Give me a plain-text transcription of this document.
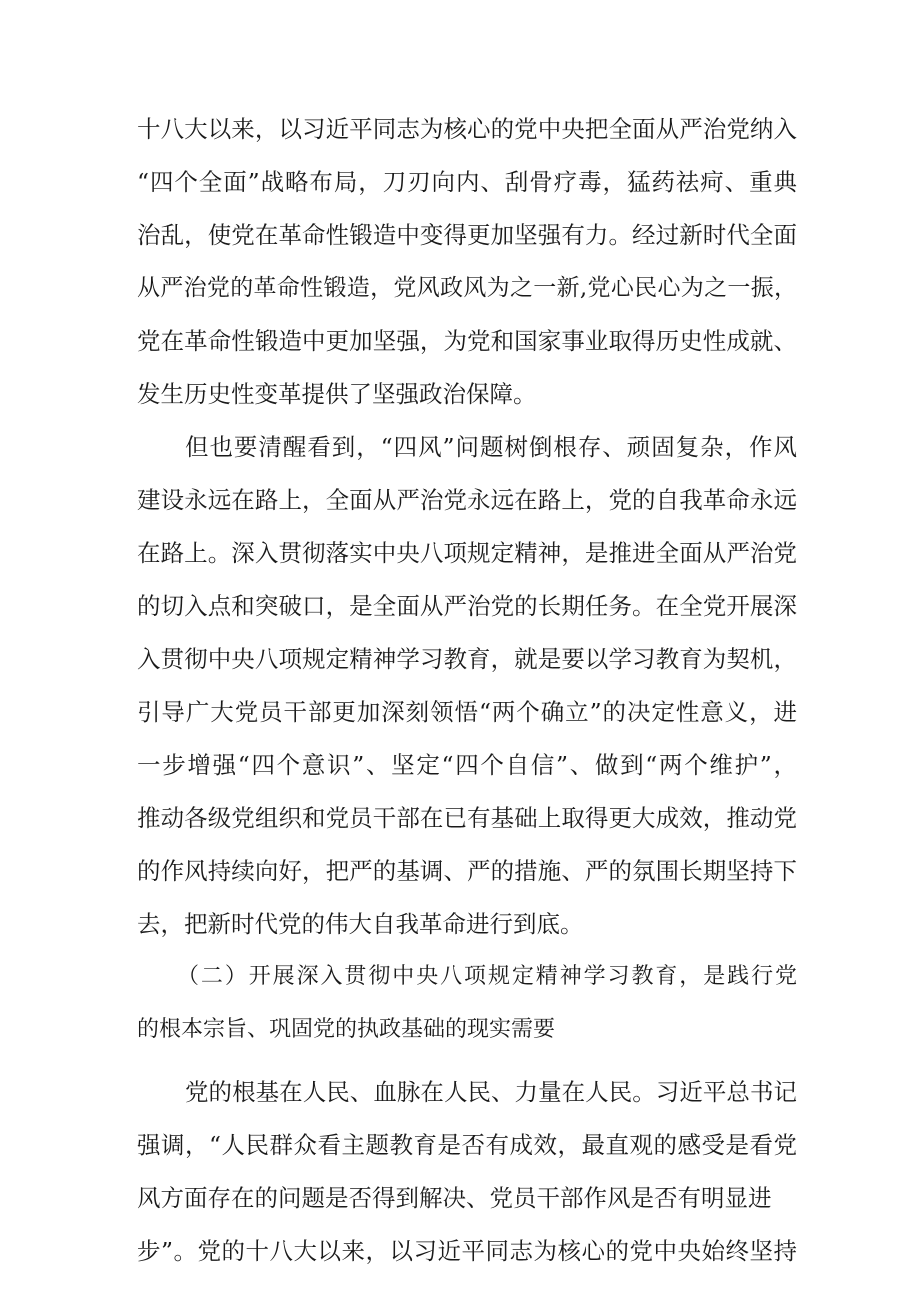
十八大以来，以习近平同志为核心的党中央把全面从严治党纳入
“四个全面”战略布局，刀刃向内、刮骨疗毒，猛药祛疴、重典
治乱，使党在革命性锻造中变得更加坚强有力。经过新时代全面
从严治党的革命性锻造，党风政风为之一新,党心民心为之一振，
党在革命性锻造中更加坚强，为党和国家事业取得历史性成就、
发生历史性变革提供了坚强政治保障。
但也要清醒看到，“四风”问题树倒根存、顽固复杂，作风
建设永远在路上，全面从严治党永远在路上，党的自我革命永远
在路上。深入贯彻落实中央八项规定精神，是推进全面从严治党
的切入点和突破口，是全面从严治党的长期任务。在全党开展深
入贯彻中央八项规定精神学习教育，就是要以学习教育为契机，
引导广大党员干部更加深刻领悟“两个确立”的决定性意义，进
一步增强“四个意识”、坚定“四个自信”、做到“两个维护”，
推动各级党组织和党员干部在已有基础上取得更大成效，推动党
的作风持续向好，把严的基调、严的措施、严的氛围长期坚持下
去，把新时代党的伟大自我革命进行到底。
（二）开展深入贯彻中央八项规定精神学习教育，是践行党
的根本宗旨、巩固党的执政基础的现实需要
党的根基在人民、血脉在人民、力量在人民。习近平总书记
强调，“人民群众看主题教育是否有成效，最直观的感受是看党
风方面存在的问题是否得到解决、党员干部作风是否有明显进
步”。党的十八大以来，以习近平同志为核心的党中央始终坚持
